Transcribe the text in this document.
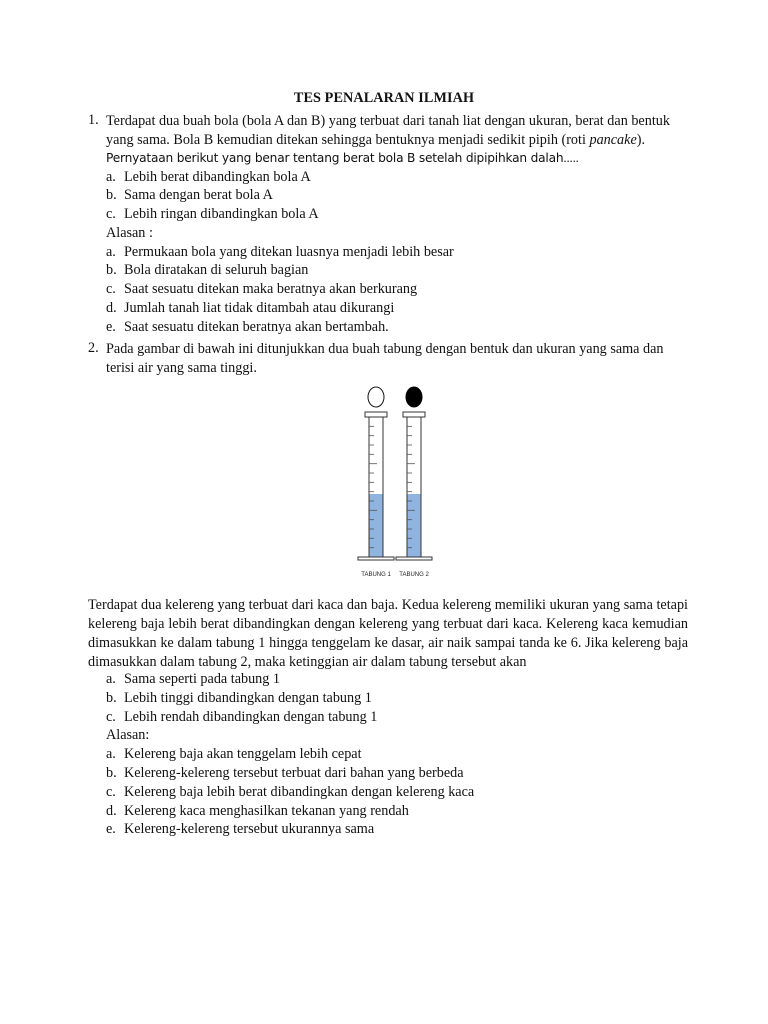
TES PENALARAN ILMIAH
1. Terdapat dua buah bola (bola A dan B) yang terbuat dari tanah liat dengan ukuran, berat dan bentuk yang sama. Bola B kemudian ditekan sehingga bentuknya menjadi sedikit pipih (roti pancake).
Pernyataan berikut yang benar tentang berat bola B setelah dipipihkan dalah.....
a. Lebih berat dibandingkan bola A
b. Sama dengan berat bola A
c. Lebih ringan dibandingkan bola A
Alasan :
a. Permukaan bola yang ditekan luasnya menjadi lebih besar
b. Bola diratakan di seluruh bagian
c. Saat sesuatu ditekan maka beratnya akan berkurang
d. Jumlah tanah liat tidak ditambah atau dikurangi
e. Saat sesuatu ditekan beratnya akan bertambah.
2. Pada gambar di bawah ini ditunjukkan dua buah tabung dengan bentuk dan ukuran yang sama dan terisi air yang sama tinggi.
TABUNG 1 TABUNG 2
Terdapat dua kelereng yang terbuat dari kaca dan baja. Kedua kelereng memiliki ukuran yang sama tetapi kelereng baja lebih berat dibandingkan dengan kelereng yang terbuat dari kaca. Kelereng kaca kemudian dimasukkan ke dalam tabung 1 hingga tenggelam ke dasar, air naik sampai tanda ke 6. Jika kelereng baja dimasukkan dalam tabung 2, maka ketinggian air dalam tabung tersebut akan
a. Sama seperti pada tabung 1
b. Lebih tinggi dibandingkan dengan tabung 1
c. Lebih rendah dibandingkan dengan tabung 1
Alasan:
a. Kelereng baja akan tenggelam lebih cepat
b. Kelereng-kelereng tersebut terbuat dari bahan yang berbeda
c. Kelereng baja lebih berat dibandingkan dengan kelereng kaca
d. Kelereng kaca menghasilkan tekanan yang rendah
e. Kelereng-kelereng tersebut ukurannya sama
